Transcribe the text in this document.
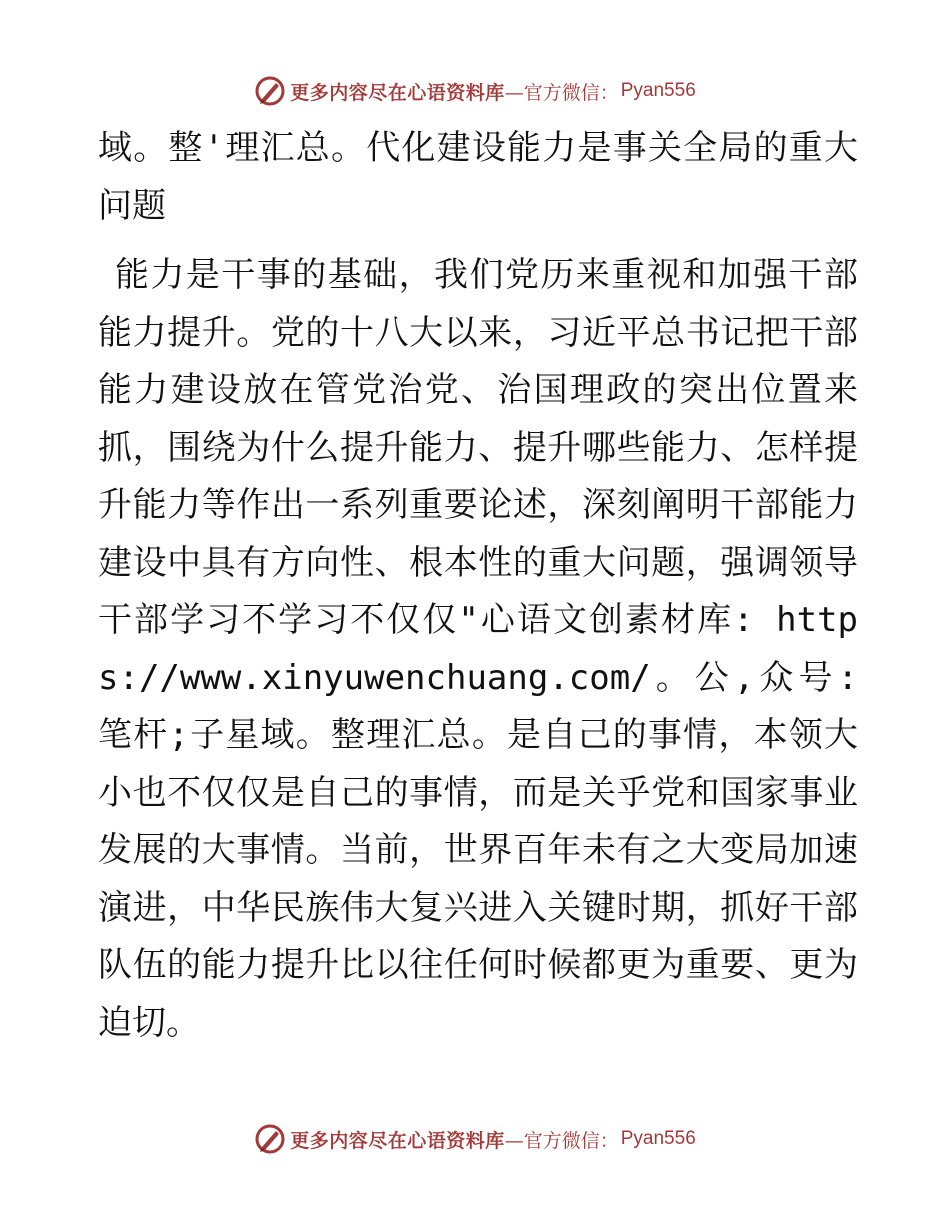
更多内容尽在心语资料库 —官方微信： Pyan556

域。整'理汇总。代化建设能力是事关全局的重大问题

能力是干事的基础，我们党历来重视和加强干部能力提升。党的十八大以来，习近平总书记把干部能力建设放在管党治党、治国理政的突出位置来抓，围绕为什么提升能力、提升哪些能力、怎样提升能力等作出一系列重要论述，深刻阐明干部能力建设中具有方向性、根本性的重大问题，强调领导干部学习不学习不仅仅"心语文创素材库: https://www.xinyuwenchuang.com/。公,众号: 笔杆;子星域。整理汇总。是自己的事情，本领大小也不仅仅是自己的事情，而是关乎党和国家事业发展的大事情。当前，世界百年未有之大变局加速演进，中华民族伟大复兴进入关键时期，抓好干部队伍的能力提升比以往任何时候都更为重要、更为迫切。

更多内容尽在心语资料库 —官方微信： Pyan556
